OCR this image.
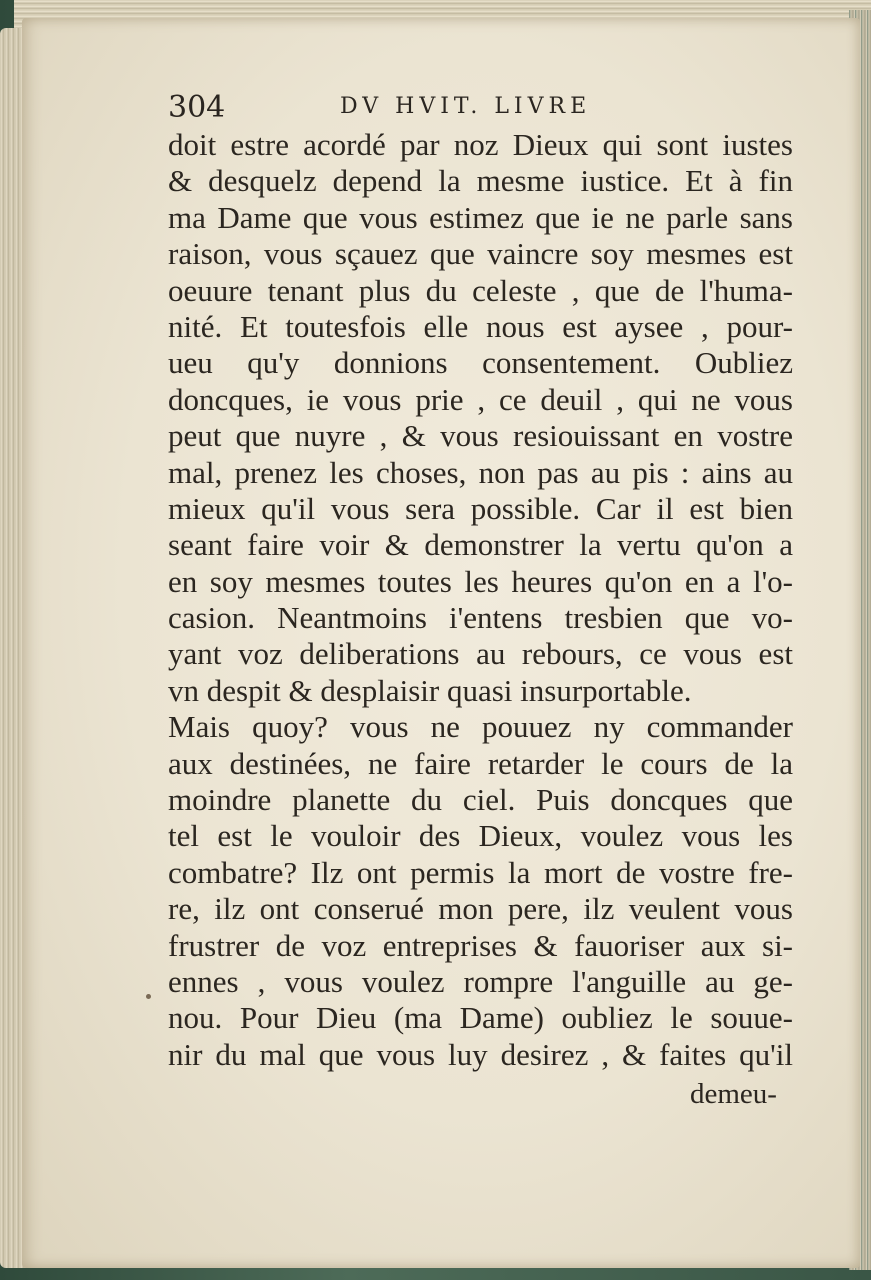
304	DV HVIT. LIVRE
doit estre acordé par noz Dieux qui sont iustes
& desquelz depend la mesme iustice. Et à fin
ma Dame que vous estimez que ie ne parle sans
raison, vous sçauez que vaincre soy mesmes est
oeuure tenant plus du celeste , que de l'huma-
nité. Et toutesfois elle nous est aysee , pour-
ueu qu'y donnions consentement. Oubliez
doncques, ie vous prie , ce deuil , qui ne vous
peut que nuyre , & vous resiouissant en vostre
mal, prenez les choses, non pas au pis : ains au
mieux qu'il vous sera possible. Car il est bien
seant faire voir & demonstrer la vertu qu'on a
en soy mesmes toutes les heures qu'on en a l'o-
casion. Neantmoins i'entens tresbien que vo-
yant voz deliberations au rebours, ce vous est
vn despit & desplaisir quasi insurportable.
Mais quoy? vous ne pouuez ny commander
aux destinées, ne faire retarder le cours de la
moindre planette du ciel. Puis doncques que
tel est le vouloir des Dieux, voulez vous les
combatre? Ilz ont permis la mort de vostre fre-
re, ilz ont conserué mon pere, ilz veulent vous
frustrer de voz entreprises & fauoriser aux si-
ennes , vous voulez rompre l'anguille au ge-
nou. Pour Dieu (ma Dame) oubliez le souue-
nir du mal que vous luy desirez , & faites qu'il
demeu-
